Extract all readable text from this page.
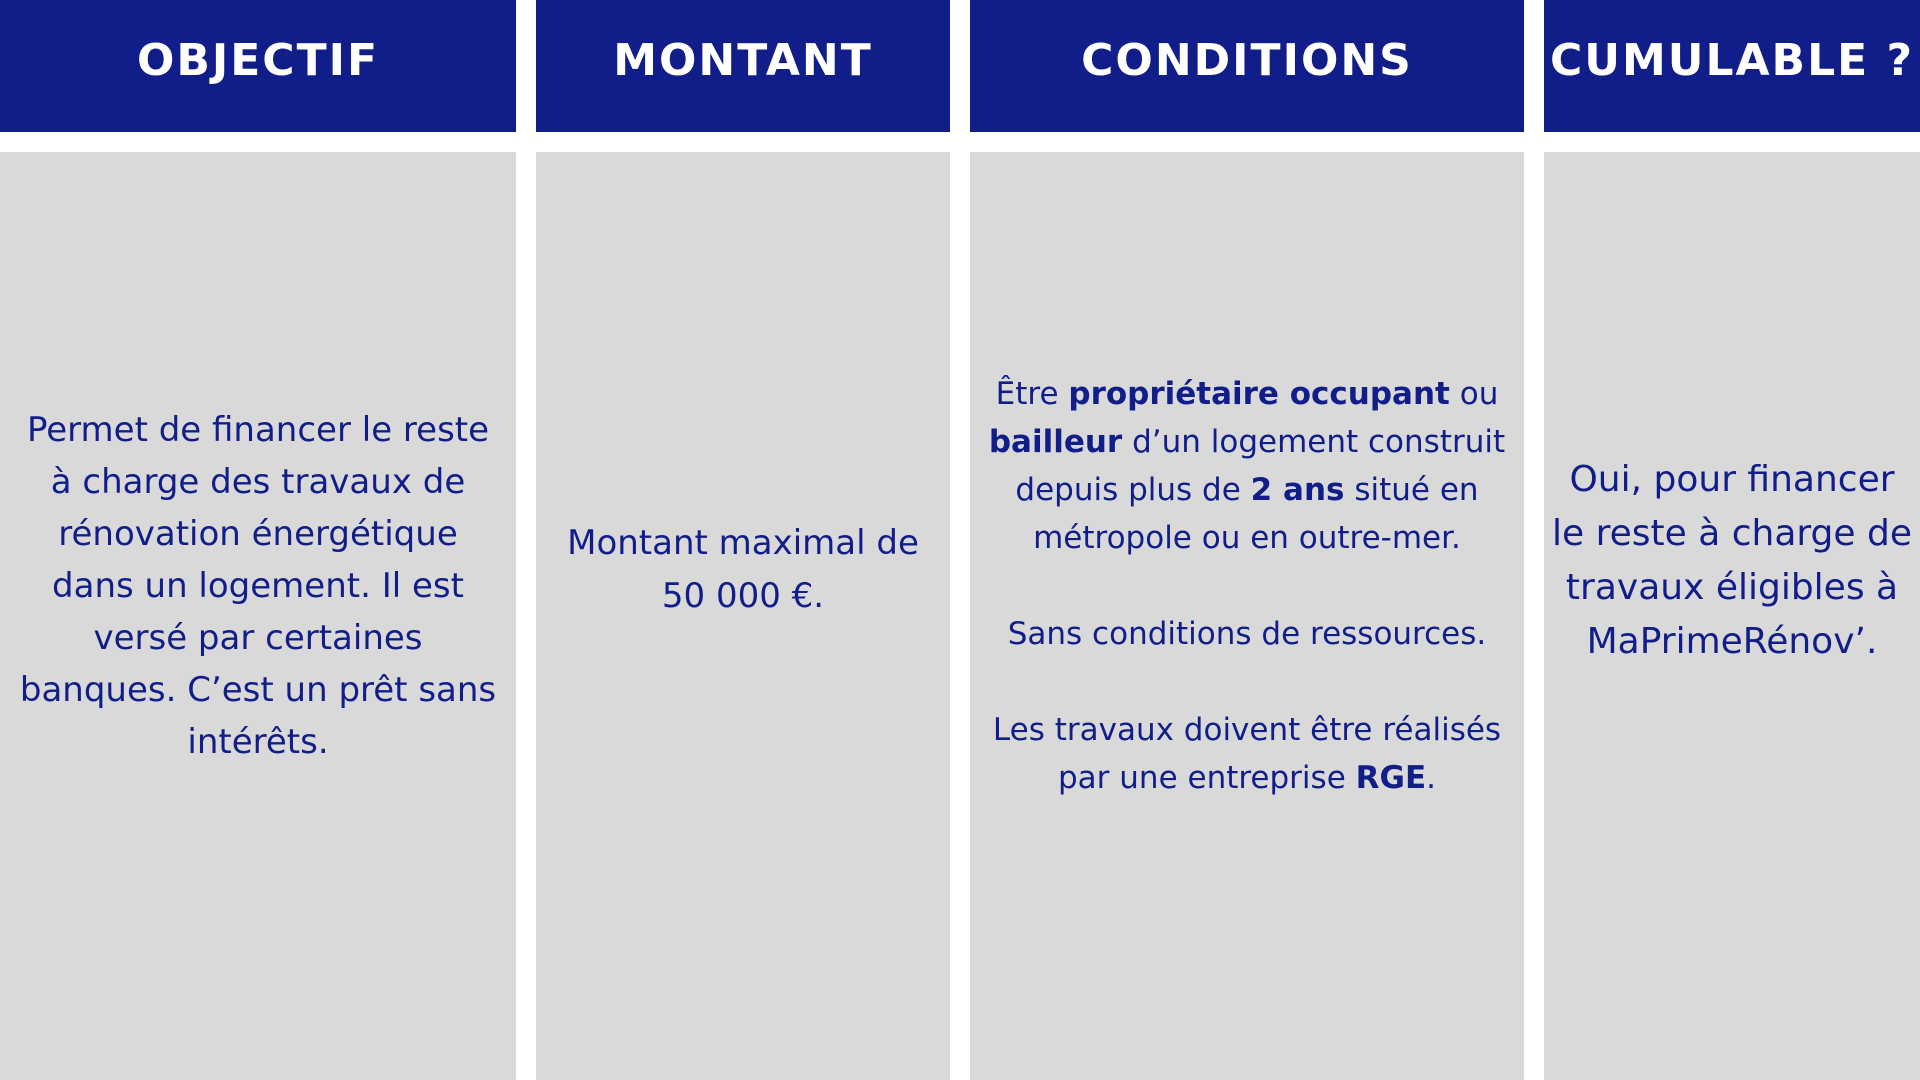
OBJECTIF

Permet de financer le reste à charge des travaux de rénovation énergétique dans un logement. Il est versé par certaines banques. C’est un prêt sans intérêts.

MONTANT

Montant maximal de 50 000 €.

CONDITIONS

Être propriétaire occupant ou bailleur d’un logement construit depuis plus de 2 ans situé en métropole ou en outre-mer.

Sans conditions de ressources.

Les travaux doivent être réalisés par une entreprise RGE.

CUMULABLE ?

Oui, pour financer le reste à charge de travaux éligibles à MaPrimeRénov’.
